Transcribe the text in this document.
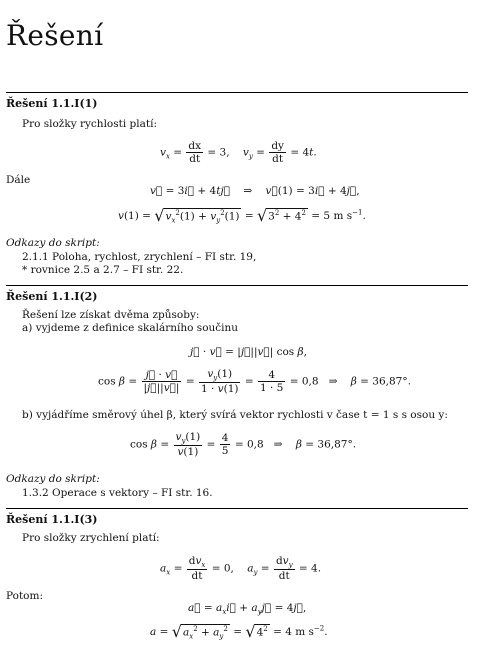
Řešení
Řešení 1.1.I(1)
Pro složky rychlosti platí:
$v_x = \frac{dx}{dt} = 3$,    $v_y = \frac{dy}{dt} = 4t$.
Dále
v⃗ = 3i⃗ + 4tj⃗    ⇒    v⃗(1) = 3i⃗ + 4j⃗,
$v(1) = √v_x^2(1) + v_y^2(1) = √3^2 + 4^2 = 5$ m $s^{-1}$.
Odkazy do skript:
2.1.1 Poloha, rychlost, zrychlení – FI str. 19,
* rovnice 2.5 a 2.7 – FI str. 22.
Řešení 1.1.I(2)
Řešení lze získat dvěma způsoby:
a) vyjdeme z definice skalárního součinu
j⃗ · v⃗ = |j⃗||v⃗| cos β,
$\cos \beta = \frac{j⃗ \cdot v⃗}{|j⃗||v⃗|} = \frac{v_y(1)}{1 \cdot v(1)} = \frac{4}{1 \cdot 5} = 0,8$ ⇒    β = 36,87°.
b) vyjádříme směrový úhel β, který svírá vektor rychlosti v čase t = 1 s s osou y:
$\cos \beta = \frac{v_y(1)}{v(1)} = \frac{4}{5} = 0,8$ ⇒    β = 36,87°.
Odkazy do skript:
1.3.2 Operace s vektory – FI str. 16.
Řešení 1.1.I(3)
Pro složky zrychlení platí:
$a_x = \frac{dv_x}{dt} = 0$,    $a_y = \frac{dv_y}{dt} = 4$.
Potom:
a⃗ = $a_xi⃗$ + $a_yj⃗$ = 4j⃗,
$a = √a_x^2 + a_y^2 = √4^2 = 4$ m $s^{-2}$.
